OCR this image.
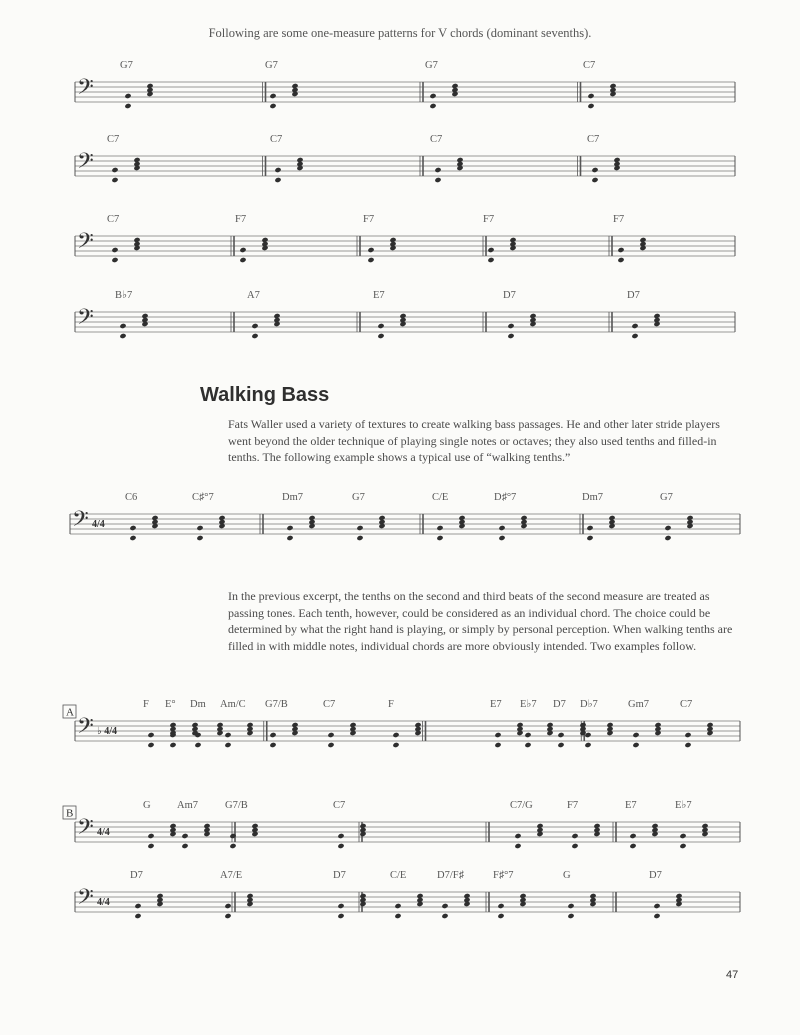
Following are some one-measure patterns for V chords (dominant sevenths).
𝄢
G7	G7	G7	C7
𝄢
C7	C7	C7	C7
𝄢
C7	F7	F7	F7	F7
𝄢
B♭7	A7	E7	D7	D7
𝄢 4/4
C6	C♯°7	Dm7	G7	C/E	D♯°7	Dm7	G7
𝄢 ♭ 4/4
A
F E° Dm Am/C G7/B	C7	F	E7 E♭7 D7 D♭7	Gm7	C7
𝄢 4/4
B
G	Am7	G7/B	C7	C7/G	F7	E7	E♭7
𝄢 4/4
D7	A7/E	D7	C/E	D7/F♯	F♯°7	G	D7
Walking Bass
Fats Waller used a variety of textures to create walking bass passages. He and other later stride players went beyond the older technique of playing single notes or octaves; they also used tenths and filled-in tenths. The following example shows a typical use of “walking tenths.”
In the previous excerpt, the tenths on the second and third beats of the second measure are treated as passing tones. Each tenth, however, could be considered as an individual chord. The choice could be determined by what the right hand is playing, or simply by personal perception. When walking tenths are filled in with middle notes, individual chords are more obviously intended. Two examples follow.
47
